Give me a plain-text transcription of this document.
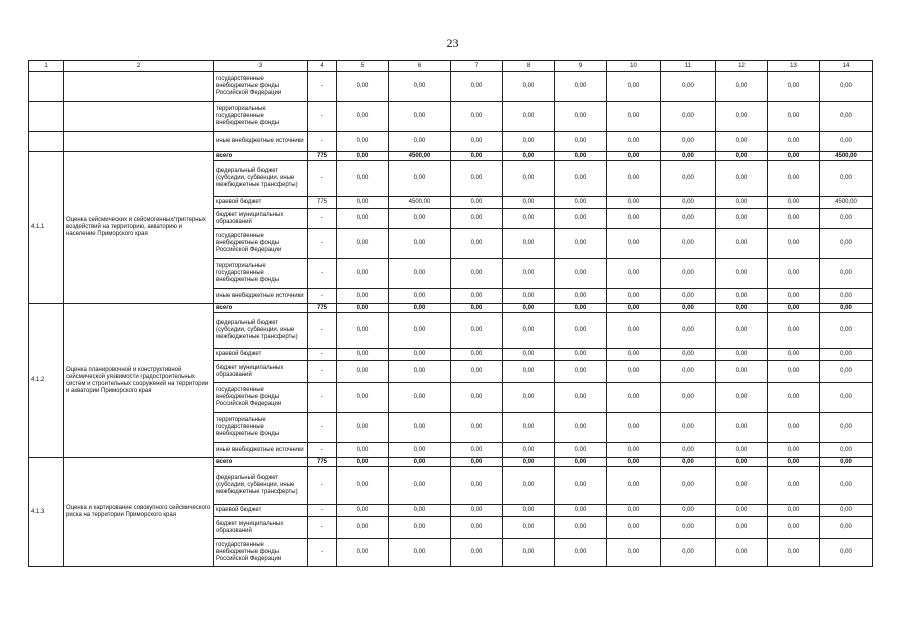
23
1	2	3	4	5	6	7	8	9	10	11	12	13	14
		государственные внебюджетные фонды Российской Федерации	-	0,00	0,00	0,00	0,00	0,00	0,00	0,00	0,00	0,00	0,00
		территориальные государственные внебюджетные фонды	-	0,00	0,00	0,00	0,00	0,00	0,00	0,00	0,00	0,00	0,00
		иные внебюджетные источники	-	0,00	0,00	0,00	0,00	0,00	0,00	0,00	0,00	0,00	0,00
4.1.1	Оценка сейсмических и сейсмогенных/триггерных воздействий на территорию, акваторию и население Приморского края	всего	775	0,00	4500,00	0,00	0,00	0,00	0,00	0,00	0,00	0,00	4500,00
		федеральный бюджет (субсидии, субвенции, иные межбюджетные трансферты)	-	0,00	0,00	0,00	0,00	0,00	0,00	0,00	0,00	0,00	0,00
		краевой бюджет	775	0,00	4500,00	0,00	0,00	0,00	0,00	0,00	0,00	0,00	4500,00
		бюджет муниципальных образований	-	0,00	0,00	0,00	0,00	0,00	0,00	0,00	0,00	0,00	0,00
		государственные внебюджетные фонды Российской Федерации	-	0,00	0,00	0,00	0,00	0,00	0,00	0,00	0,00	0,00	0,00
		территориальные государственные внебюджетные фонды	-	0,00	0,00	0,00	0,00	0,00	0,00	0,00	0,00	0,00	0,00
		иные внебюджетные источники	-	0,00	0,00	0,00	0,00	0,00	0,00	0,00	0,00	0,00	0,00
4.1.2	Оценка планировочной и конструктивной сейсмической уязвимости градостроительных систем и строительных сооружений на территории и акватории Приморского края	всего	775	0,00	0,00	0,00	0,00	0,00	0,00	0,00	0,00	0,00	0,00
		федеральный бюджет (субсидии, субвенции, иные межбюджетные трансферты)	-	0,00	0,00	0,00	0,00	0,00	0,00	0,00	0,00	0,00	0,00
		краевой бюджет	-	0,00	0,00	0,00	0,00	0,00	0,00	0,00	0,00	0,00	0,00
		бюджет муниципальных образований	-	0,00	0,00	0,00	0,00	0,00	0,00	0,00	0,00	0,00	0,00
		государственные внебюджетные фонды Российской Федерации	-	0,00	0,00	0,00	0,00	0,00	0,00	0,00	0,00	0,00	0,00
		территориальные государственные внебюджетные фонды	-	0,00	0,00	0,00	0,00	0,00	0,00	0,00	0,00	0,00	0,00
		иные внебюджетные источники	-	0,00	0,00	0,00	0,00	0,00	0,00	0,00	0,00	0,00	0,00
4.1.3	Оценка и картирование совокупного сейсмического риска на территории Приморского края	всего	775	0,00	0,00	0,00	0,00	0,00	0,00	0,00	0,00	0,00	0,00
		федеральный бюджет (субсидии, субвенции, иные межбюджетные трансферты)	-	0,00	0,00	0,00	0,00	0,00	0,00	0,00	0,00	0,00	0,00
		краевой бюджет	-	0,00	0,00	0,00	0,00	0,00	0,00	0,00	0,00	0,00	0,00
		бюджет муниципальных образований	-	0,00	0,00	0,00	0,00	0,00	0,00	0,00	0,00	0,00	0,00
		государственные внебюджетные фонды Российской Федерации	-	0,00	0,00	0,00	0,00	0,00	0,00	0,00	0,00	0,00	0,00
